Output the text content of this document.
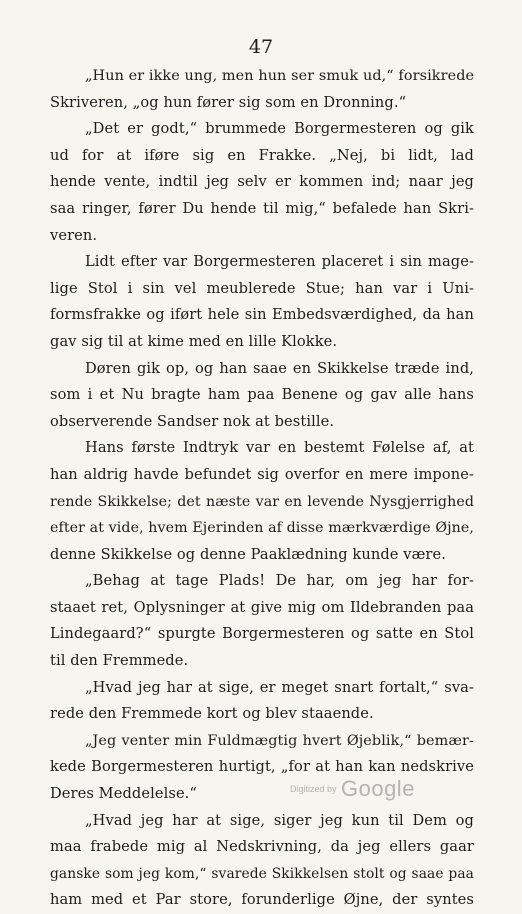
47
„Hun er ikke ung, men hun ser smuk ud,“ forsikrede
Skriveren, „og hun fører sig som en Dronning.“
„Det er godt,“ brummede Borgermesteren og gik
ud for at iføre sig en Frakke. „Nej, bi lidt, lad
hende vente, indtil jeg selv er kommen ind; naar jeg
saa ringer, fører Du hende til mig,“ befalede han Skri-
veren.
Lidt efter var Borgermesteren placeret i sin mage-
lige Stol i sin vel meublerede Stue; han var i Uni-
formsfrakke og iført hele sin Embedsværdighed, da han
gav sig til at kime med en lille Klokke.
Døren gik op, og han saae en Skikkelse træde ind,
som i et Nu bragte ham paa Benene og gav alle hans
observerende Sandser nok at bestille.
Hans første Indtryk var en bestemt Følelse af, at
han aldrig havde befundet sig overfor en mere impone-
rende Skikkelse; det næste var en levende Nysgjerrighed
efter at vide, hvem Ejerinden af disse mærkværdige Øjne,
denne Skikkelse og denne Paaklædning kunde være.
„Behag at tage Plads! De har, om jeg har for-
staaet ret, Oplysninger at give mig om Ildebranden paa
Lindegaard?“ spurgte Borgermesteren og satte en Stol
til den Fremmede.
„Hvad jeg har at sige, er meget snart fortalt,“ sva-
rede den Fremmede kort og blev staaende.
„Jeg venter min Fuldmægtig hvert Øjeblik,“ bemær-
kede Borgermesteren hurtigt, „for at han kan nedskrive
Deres Meddelelse.“
„Hvad jeg har at sige, siger jeg kun til Dem og
maa frabede mig al Nedskrivning, da jeg ellers gaar
ganske som jeg kom,“ svarede Skikkelsen stolt og saae paa
ham med et Par store, forunderlige Øjne, der syntes
$^{Digitized by}$ Google
